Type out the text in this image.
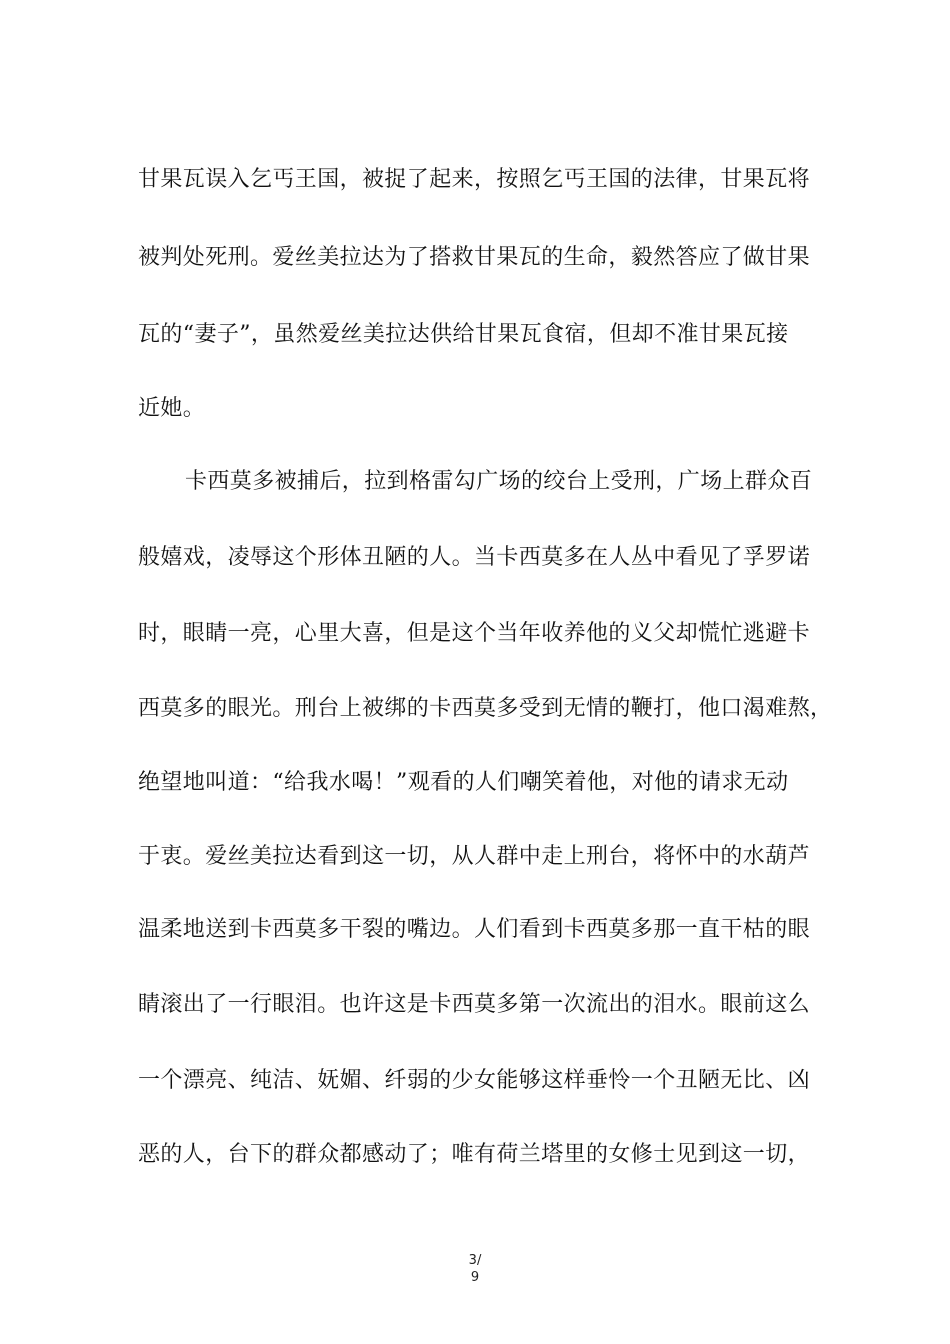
甘果瓦误入乞丐王国，被捉了起来，按照乞丐王国的法律，甘果瓦将
被判处死刑。爱丝美拉达为了搭救甘果瓦的生命，毅然答应了做甘果
瓦的“妻子”，虽然爱丝美拉达供给甘果瓦食宿，但却不准甘果瓦接
近她。
卡西莫多被捕后，拉到格雷勾广场的绞台上受刑，广场上群众百
般嬉戏，凌辱这个形体丑陋的人。当卡西莫多在人丛中看见了孚罗诺
时，眼睛一亮，心里大喜，但是这个当年收养他的义父却慌忙逃避卡
西莫多的眼光。刑台上被绑的卡西莫多受到无情的鞭打，他口渴难熬，
绝望地叫道：“给我水喝！”观看的人们嘲笑着他，对他的请求无动
于衷。爱丝美拉达看到这一切，从人群中走上刑台，将怀中的水葫芦
温柔地送到卡西莫多干裂的嘴边。人们看到卡西莫多那一直干枯的眼
睛滚出了一行眼泪。也许这是卡西莫多第一次流出的泪水。眼前这么
一个漂亮、纯洁、妩媚、纤弱的少女能够这样垂怜一个丑陋无比、凶
恶的人，台下的群众都感动了；唯有荷兰塔里的女修士见到这一切，
3/
9
